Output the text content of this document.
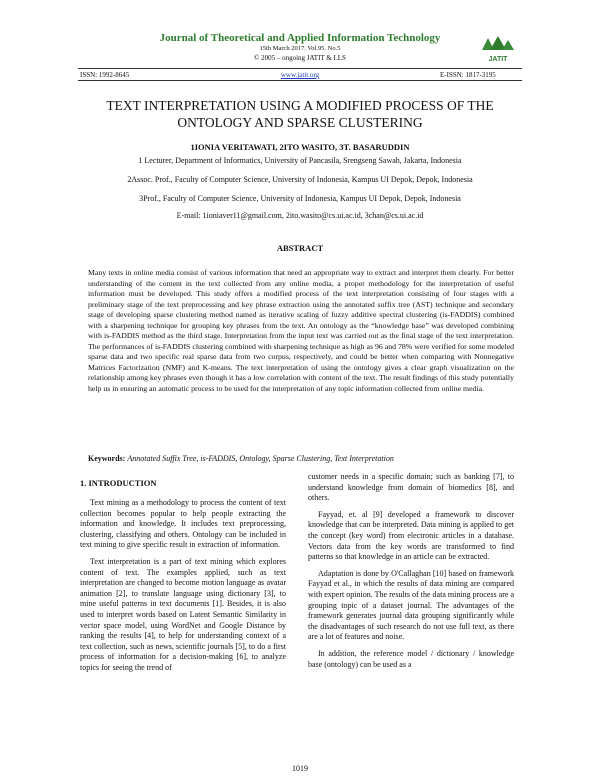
Journal of Theoretical and Applied Information Technology
15th March 2017. Vol.95. No.5
© 2005 – ongoing JATIT & LLS	JATIT
ISSN: 1992-8645	www.jatit.org	E-ISSN: 1817-3195
TEXT INTERPRETATION USING A MODIFIED PROCESS OF THE ONTOLOGY AND SPARSE CLUSTERING
1IONIA VERITAWATI, 2ITO WASITO, 3T. BASARUDDIN
1 Lecturer, Department of Informatics, University of Pancasila, Srengseng Sawah, Jakarta, Indonesia
2Assoc. Prof., Faculty of Computer Science, University of Indonesia, Kampus UI Depok, Depok, Indonesia
3Prof., Faculty of Computer Science, University of Indonesia, Kampus UI Depok, Depok, Indonesia
E-mail: 1ioniaver11@gmail.com, 2ito.wasito@cs.ui.ac.id, 3chan@cs.ui.ac.id
ABSTRACT
Many texts in online media consist of various information that need an appropriate way to extract and interpret them clearly. For better understanding of the content in the text collected from any online media, a proper methodology for the interpretation of useful information must be developed. This study offers a modified process of the text interpretation consisting of four stages with a preliminary stage of the text preprocessing and key phrase extraction using the annotated suffix tree (AST) technique and secondary stage of developing sparse clustering method named as iterative scaling of fuzzy additive spectral clustering (is-FADDIS) combined with a sharpening technique for grouping key phrases from the text. An ontology as the “knowledge base” was developed combining with is-FADDIS method as the third stage. Interpretation from the input text was carried out as the final stage of the text interpretation. The performances of is-FADDIS clustering combined with sharpening technique as high as 96 and 78% were verified for some modeled sparse data and two specific real sparse data from two corpus, respectively, and could be better when comparing with Nonnegative Matrices Factorization (NMF) and K-means. The text interpretation of using the ontology gives a clear graph visualization on the relationship among key phrases even though it has a low correlation with content of the text. The result findings of this study potentially help us in ensuring an automatic process to be used for the interpretation of any topic information collected from online media.
Keywords: Annotated Suffix Tree, is-FADDIS, Ontology, Sparse Clustering, Text Interpretation
1. INTRODUCTION

Text mining as a methodology to process the content of text collection becomes popular to help people extracting the information and knowledge. It includes text preprocessing, clustering, classifying and others. Ontology can be included in text mining to give specific result in extraction of information.

Text interpretation is a part of text mining which explores content of text. The examples applied, such as text interpretation are changed to become motion language as avatar animation [2], to translate language using dictionary [3], to mine useful patterns in text documents [1]. Besides, it is also used to interpret words based on Latent Semantic Similarity in vector space model, using WordNet and Google Distance by ranking the results [4], to help for understanding context of a text collection, such as news, scientific journals [5], to do a first process of information for a decision-making [6], to analyze topics for seeing the trend of

customer needs in a specific domain; such as banking [7], to understand knowledge from domain of biomedics [8], and others.

Fayyad, et. al [9] developed a framework to discover knowledge that can be interpreted. Data mining is applied to get the concept (key word) from electronic articles in a database. Vectors data from the key words are transformed to find patterns so that knowledge in an article can be extracted.

Adaptation is done by O'Callaghan [10] based on framework Fayyad et al., in which the results of data mining are compared with expert opinion. The results of the data mining process are a grouping topic of a dataset journal. The advantages of the framework generates journal data grouping significantly while the disadvantages of such research do not use full text, as there are a lot of features and noise.

In addition, the reference model / dictionary / knowledge base (ontology) can be used as a

1019
